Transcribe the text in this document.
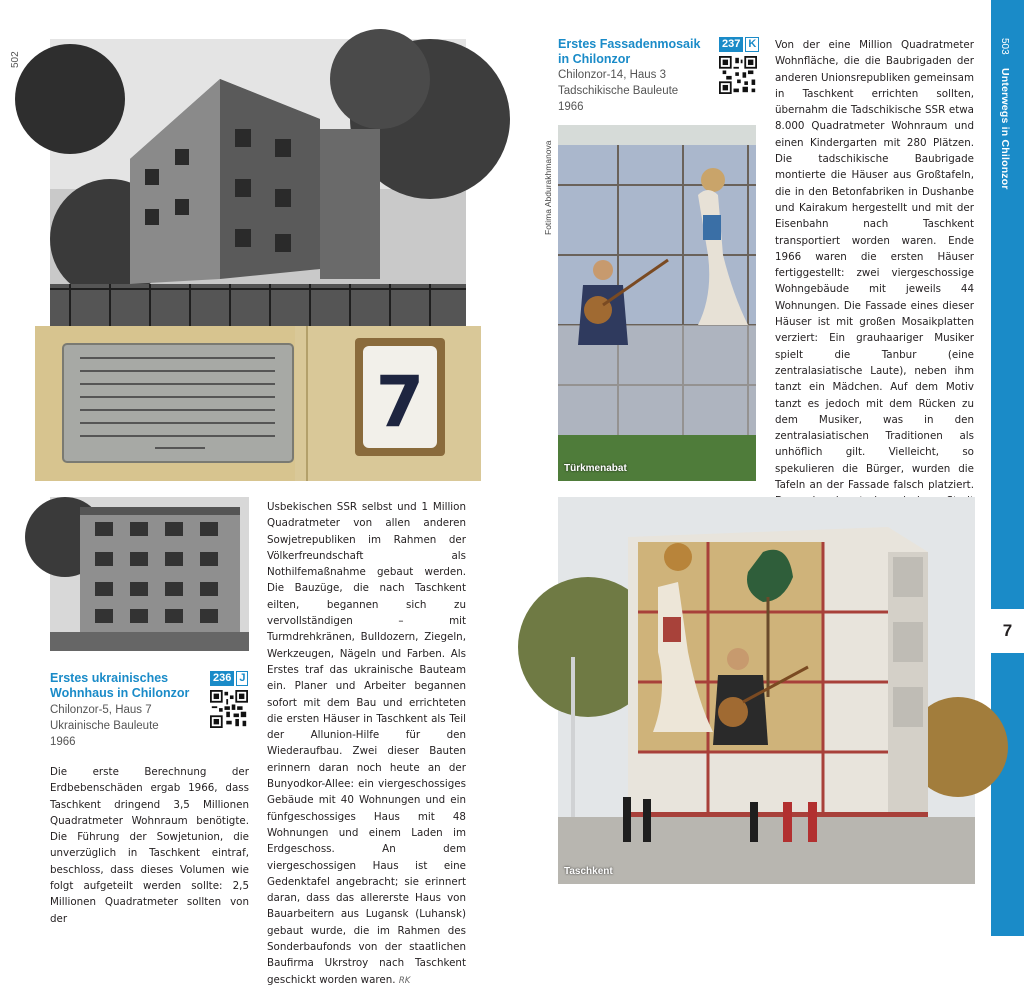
502
503
Unterwegs in Chilonzor
7
7
Erstes ukrainisches
Wohnhaus in Chilonzor
236 J
Chilonzor-5, Haus 7
Ukrainische Bauleute
1966
Die erste Berechnung der Erdbebenschäden ergab 1966, dass Taschkent dringend 3,5 Millionen Quadratmeter Wohnraum benötigte. Die Führung der Sowjetunion, die unverzüglich in Taschkent eintraf, beschloss, dass dieses Volumen wie folgt aufgeteilt werden sollte: 2,5 Millionen Quadratmeter sollten von der
Usbekischen SSR selbst und 1 Million Quadratmeter von allen anderen Sowjetrepubliken im Rahmen der Völkerfreundschaft als Nothilfemaßnahme gebaut werden. Die Bauzüge, die nach Taschkent eilten, begannen sich zu vervollständigen – mit Turmdrehkränen, Bulldozern, Ziegeln, Werkzeugen, Nägeln und Farben. Als Erstes traf das ukrainische Bauteam ein. Planer und Arbeiter begannen sofort mit dem Bau und errichteten die ersten Häuser in Taschkent als Teil der Allunion-Hilfe für den Wiederaufbau. Zwei dieser Bauten erinnern daran noch heute an der Bunyodkor-Allee: ein viergeschossiges Gebäude mit 40 Wohnungen und ein fünfgeschossiges Haus mit 48 Wohnungen und einem Laden im Erdgeschoss. An dem viergeschossigen Haus ist eine Gedenktafel angebracht; sie erinnert daran, dass das allererste Haus von Bauarbeitern aus Lugansk (Luhansk) gebaut wurde, die im Rahmen des Sonderbaufonds von der staatlichen Baufirma Ukrstroy nach Taschkent geschickt worden waren. RK
Erstes Fassadenmosaik
in Chilonzor
237 K
Chilonzor-14, Haus 3
Tadschikische Bauleute
1966
Fotima Abdurakhmanova
Türkmenabat
Von der eine Million Quadratmeter Wohnfläche, die die Baubrigaden der anderen Unionsrepubliken gemeinsam in Taschkent errichten sollten, übernahm die Tadschikische SSR etwa 8.000 Quadratmeter Wohnraum und einen Kindergarten mit 280 Plätzen. Die tadschikische Baubrigade montierte die Häuser aus Großtafeln, die in den Betonfabriken in Dushanbe und Kairakum hergestellt und mit der Eisenbahn nach Taschkent transportiert worden waren. Ende 1966 waren die ersten Häuser fertiggestellt: zwei viergeschossige Wohngebäude mit jeweils 44 Wohnungen. Die Fassade eines dieser Häuser ist mit großen Mosaikplatten verziert: Ein grauhaariger Musiker spielt die Tanbur (eine zentralasiatische Laute), neben ihm tanzt ein Mädchen. Auf dem Motiv tanzt es jedoch mit dem Rücken zu dem Musiker, was in den zentralasiatischen Traditionen als unhöflich gilt. Vielleicht, so spekulieren die Bürger, wurden die Tafeln an der Fassade falsch platziert.
Taschkent
